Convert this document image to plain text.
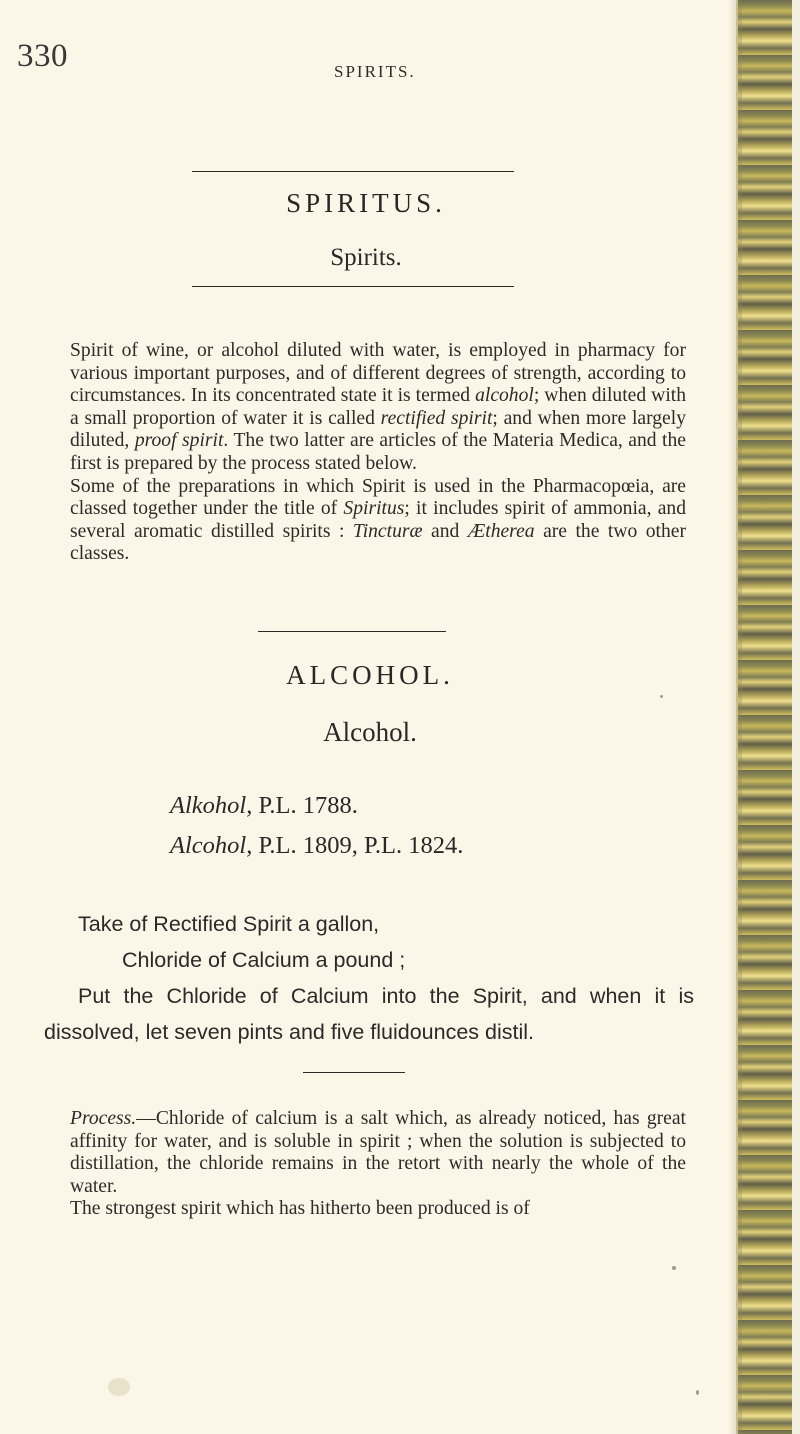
330	SPIRITS.
SPIRITUS.
Spirits.

Spirit of wine, or alcohol diluted with water, is employed in pharmacy for various important purposes, and of different degrees of strength, according to circumstances. In its concentrated state it is termed alcohol; when diluted with a small proportion of water it is called rectified spirit; and when more largely diluted, proof spirit. The two latter are articles of the Materia Medica, and the first is prepared by the process stated below.

Some of the preparations in which Spirit is used in the Pharmacopœia, are classed together under the title of Spiritus; it includes spirit of ammonia, and several aromatic distilled spirits : Tincturæ and Ætherea are the two other classes.

ALCOHOL.
Alcohol.
Alkohol, P.L. 1788.
Alcohol, P.L. 1809, P.L. 1824.

Take of Rectified Spirit a gallon,

Chloride of Calcium a pound ;

Put the Chloride of Calcium into the Spirit, and when it is dissolved, let seven pints and five fluidounces distil.

Process.—Chloride of calcium is a salt which, as already noticed, has great affinity for water, and is soluble in spirit ; when the solution is subjected to distillation, the chloride remains in the retort with nearly the whole of the water.

The strongest spirit which has hitherto been produced is of
